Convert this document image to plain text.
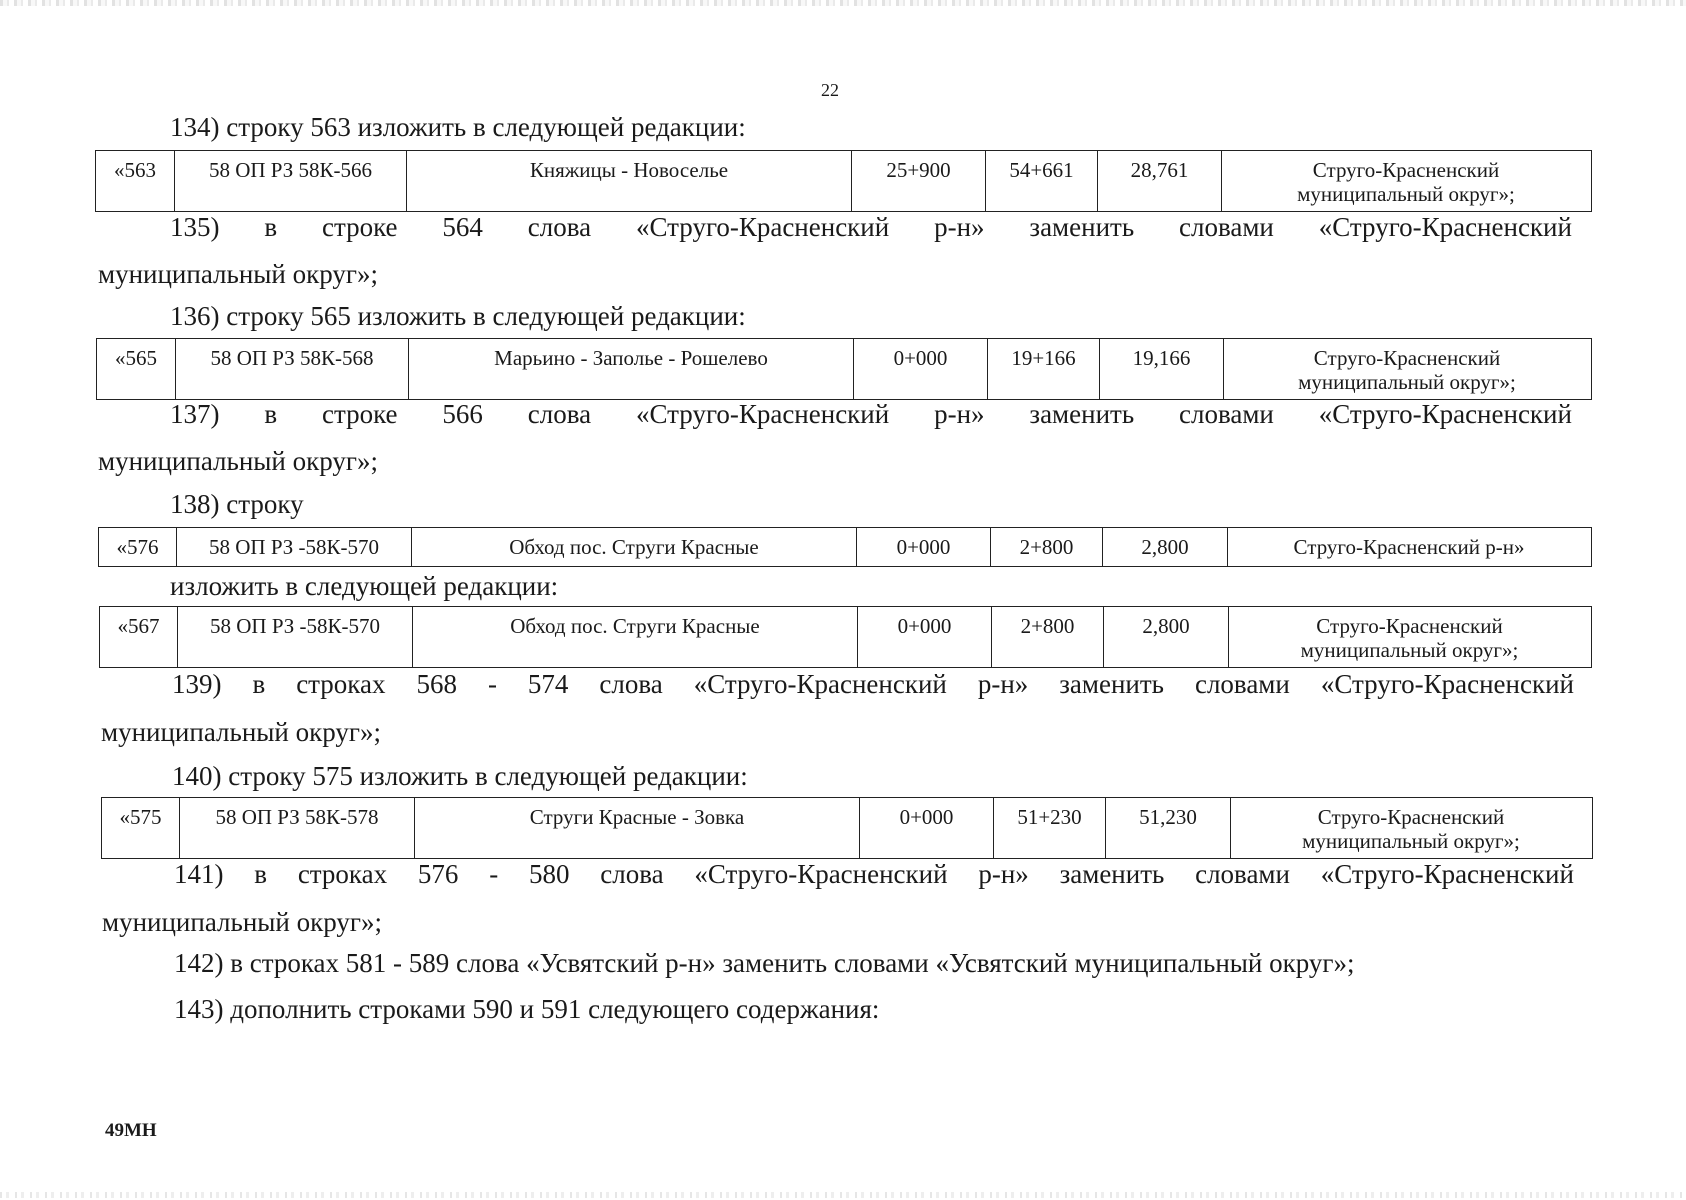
22
134) строку 563 изложить в следующей редакции:
«563	58 ОП РЗ 58К-566	Княжицы - Новоселье	25+900	54+661	28,761	Струго-Красненский
муниципальный округ»;
135) в строке 564 слова «Струго-Красненский р-н» заменить словами «Струго-Красненский
муниципальный округ»;
136) строку 565 изложить в следующей редакции:
«565	58 ОП РЗ 58К-568	Марьино - Заполье - Рошелево	0+000	19+166	19,166	Струго-Красненский
муниципальный округ»;
137) в строке 566 слова «Струго-Красненский р-н» заменить словами «Струго-Красненский
муниципальный округ»;
138) строку
«576	58 ОП РЗ -58К-570	Обход пос. Струги Красные	0+000	2+800	2,800	Струго-Красненский р-н»
изложить в следующей редакции:
«567	58 ОП РЗ -58К-570	Обход пос. Струги Красные	0+000	2+800	2,800	Струго-Красненский
муниципальный округ»;
139) в строках 568 - 574 слова «Струго-Красненский р-н» заменить словами «Струго-Красненский
муниципальный округ»;
140) строку 575 изложить в следующей редакции:
«575	58 ОП РЗ 58К-578	Струги Красные - Зовка	0+000	51+230	51,230	Струго-Красненский
муниципальный округ»;
141) в строках 576 - 580 слова «Струго-Красненский р-н» заменить словами «Струго-Красненский
муниципальный округ»;
142) в строках 581 - 589 слова «Усвятский р-н» заменить словами «Усвятский муниципальный округ»;
143) дополнить строками 590 и 591 следующего содержания:
49МН
